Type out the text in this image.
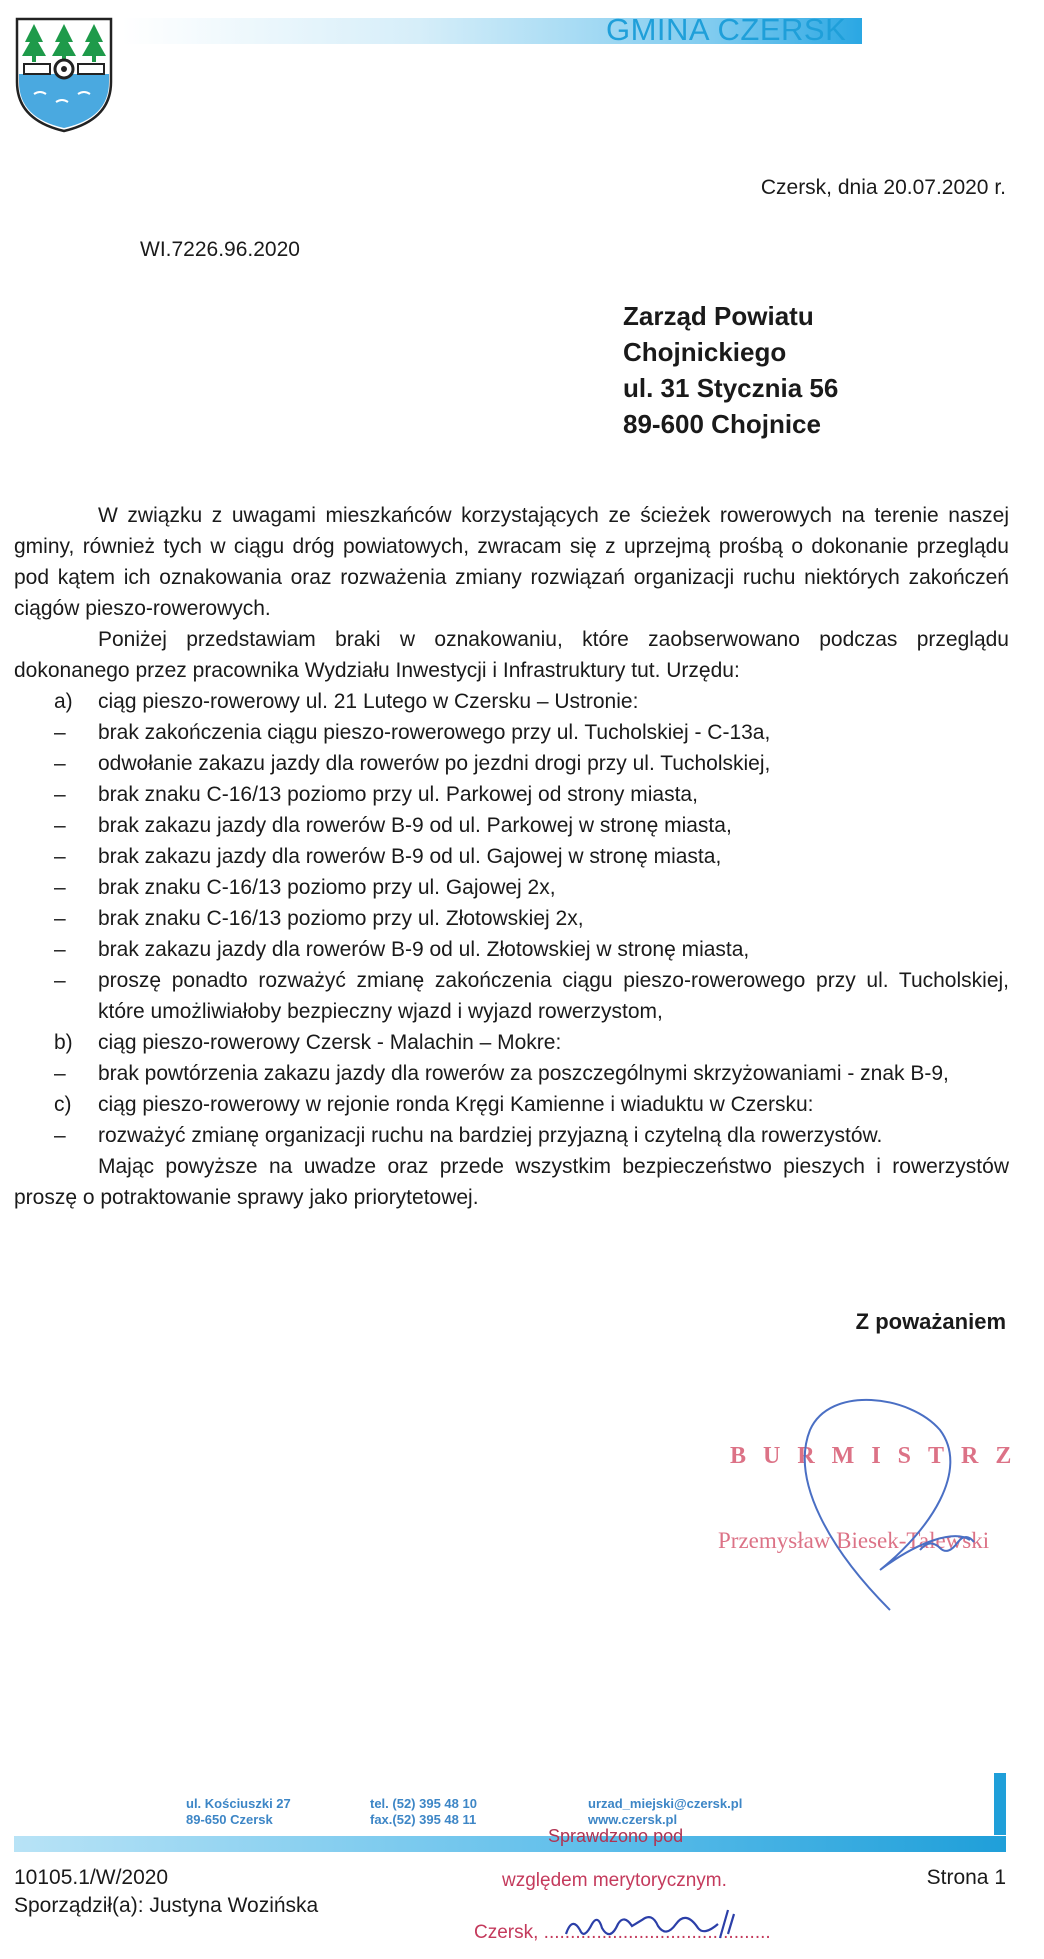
GMINA CZERSK
Czersk, dnia 20.07.2020 r.
WI.7226.96.2020
Zarząd Powiatu
Chojnickiego
ul. 31 Stycznia 56
89-600 Chojnice

W związku z uwagami mieszkańców korzystających ze ścieżek rowerowych na terenie naszej gminy, również tych w ciągu dróg powiatowych, zwracam się z uprzejmą prośbą o dokonanie przeglądu pod kątem ich oznakowania oraz rozważenia zmiany rozwiązań organizacji ruchu niektórych zakończeń ciągów pieszo-rowerowych.

Poniżej przedstawiam braki w oznakowaniu, które zaobserwowano podczas przeglądu dokonanego przez pracownika Wydziału Inwestycji i Infrastruktury tut. Urzędu:

a) ciąg pieszo-rowerowy ul. 21 Lutego w Czersku – Ustronie:
– brak zakończenia ciągu pieszo-rowerowego przy ul. Tucholskiej - C-13a,
– odwołanie zakazu jazdy dla rowerów po jezdni drogi przy ul. Tucholskiej,
– brak znaku C-16/13 poziomo przy ul. Parkowej od strony miasta,
– brak zakazu jazdy dla rowerów B-9 od ul. Parkowej w stronę miasta,
– brak zakazu jazdy dla rowerów B-9 od ul. Gajowej w stronę miasta,
– brak znaku C-16/13 poziomo przy ul. Gajowej 2x,
– brak znaku C-16/13 poziomo przy ul. Złotowskiej 2x,
– brak zakazu jazdy dla rowerów B-9 od ul. Złotowskiej w stronę miasta,
– proszę ponadto rozważyć zmianę zakończenia ciągu pieszo-rowerowego przy ul. Tucholskiej, które umożliwiałoby bezpieczny wjazd i wyjazd rowerzystom,
b) ciąg pieszo-rowerowy Czersk - Malachin – Mokre:
– brak powtórzenia zakazu jazdy dla rowerów za poszczególnymi skrzyżowaniami - znak B-9,
c) ciąg pieszo-rowerowy w rejonie ronda Kręgi Kamienne i wiaduktu w Czersku:
– rozważyć zmianę organizacji ruchu na bardziej przyjazną i czytelną dla rowerzystów.

Mając powyższe na uwadze oraz przede wszystkim bezpieczeństwo pieszych i rowerzystów proszę o potraktowanie sprawy jako priorytetowej.

Z poważaniem
BURMISTRZ
Przemysław Biesek-Talewski
ul. Kościuszki 27
89-650 Czersk
tel. (52) 395 48 10
fax.(52) 395 48 11
urzad_miejski@czersk.pl
www.czersk.pl
Sprawdzono pod
względem merytorycznym.
Czersk, ...........................................
10105.1/W/2020
Sporządził(a): Justyna Wozińska
Strona 1
